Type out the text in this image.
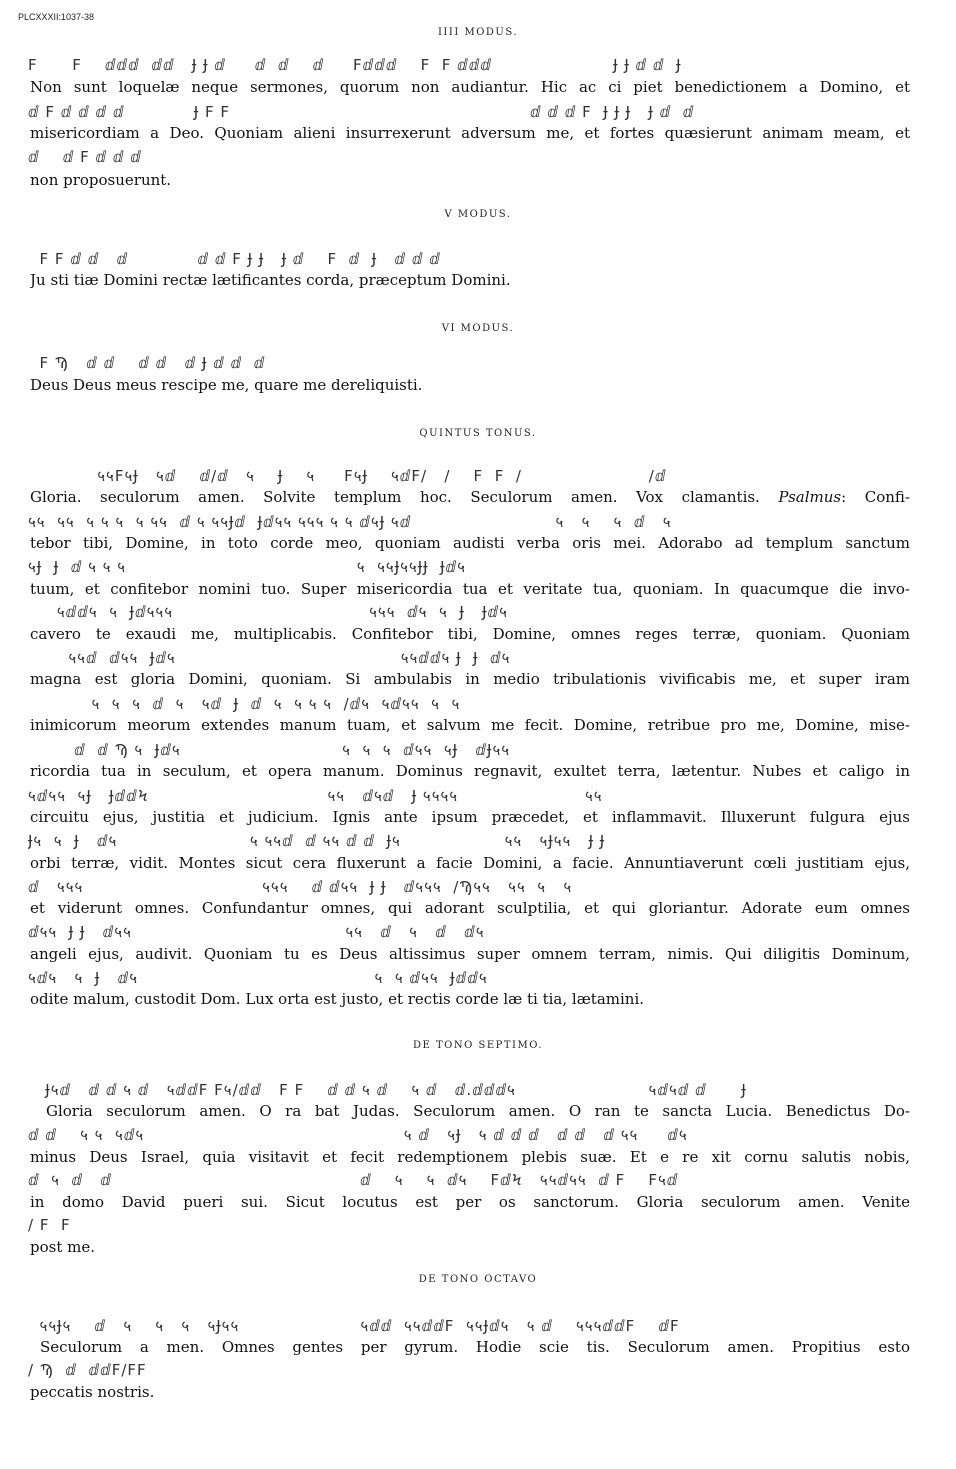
PLCXXXII:1037-38
IIII MODUS.
Ϝ      Ϝ    ⅆⅆⅆ  ⅆⅆ   Ɉ Ɉ ⅆ     ⅆ  ⅆ    ⅆ     Ϝⅆⅆⅆ    Ϝ  Ϝ ⅆⅆⅆ                     Ɉ Ɉ ⅆ ⅆ  Ɉ
Non sunt loquelæ neque sermones, quorum non audiantur. Hic ac ci piet benedictionem a Domino, et
ⅆ Ϝ ⅆ ⅆ ⅆ ⅆ            Ɉ Ϝ Ϝ                                                    ⅆ ⅆ ⅆ Ϝ  Ɉ Ɉ Ɉ   Ɉ ⅆ  ⅆ
misericordiam a Deo. Quoniam alieni insurrexerunt adversum me, et fortes quæsierunt animam meam, et
ⅆ    ⅆ Ϝ ⅆ ⅆ ⅆ
non proposuerunt.
V MODUS.
Ϝ Ϝ ⅆ ⅆ   ⅆ            ⅆ ⅆ Ϝ Ɉ Ɉ   Ɉ ⅆ    Ϝ  ⅆ  Ɉ   ⅆ ⅆ ⅆ
Ju sti tiæ Domini rectæ lætificantes corda, præceptum Domini.
VI MODUS.
Ϝ Ϡ   ⅆ ⅆ    ⅆ ⅆ   ⅆ Ɉ ⅆ ⅆ  ⅆ
Deus Deus meus rescipe me, quare me dereliquisti.
QUINTUS TONUS.
५५Ϝ५Ɉ   ५ⅆ    ⅆ/ⅆ   ५    Ɉ    ५     Ϝ५Ɉ    ५ⅆϜ/   /    Ϝ  Ϝ  /                      /ⅆ
Gloria. seculorum amen. Solvite templum hoc. Seculorum amen. Vox clamantis. Psalmus: Confi-
५५  ५५  ५ ५ ५  ५ ५५  ⅆ ५ ५५Ɉⅆ  Ɉⅆ५५ ५५५ ५ ५ ⅆ५Ɉ ५ⅆ                         ५   ५    ५  ⅆ   ५
tebor tibi, Domine, in toto corde meo, quoniam audisti verba oris mei. Adorabo ad templum sanctum
५Ɉ  Ɉ  ⅆ ५ ५ ५                                        ५  ५५Ɉ५५ɈɈ  Ɉⅆ५
tuum, et confitebor nomini tuo. Super misericordia tua et veritate tua, quoniam. In quacumque die invo-
५ⅆⅆ५  ५  Ɉⅆ५५५                                  ५५५  ⅆ५  ५  Ɉ   Ɉⅆ५
cavero te exaudi me, multiplicabis. Confitebor tibi, Domine, omnes reges terræ, quoniam. Quoniam
५५ⅆ  ⅆ५५  Ɉⅆ५                                       ५५ⅆⅆ५ Ɉ  Ɉ  ⅆ५
magna est gloria Domini, quoniam. Si ambulabis in medio tribulationis vivificabis me, et super iram
५  ५  ५  ⅆ  ५   ५ⅆ  Ɉ  ⅆ  ५  ५ ५ ५  /ⅆ५  ५ⅆ५५  ५  ५
inimicorum meorum extendes manum tuam, et salvum me fecit. Domine, retribue pro me, Domine, mise-
ⅆ  ⅆ Ϡ ५  Ɉⅆ५                            ५  ५  ५  ⅆ५५  ५Ɉ   ⅆɈ५५
ricordia tua in seculum, et opera manum. Dominus regnavit, exultet terra, lætentur. Nubes et caligo in
५ⅆ५५  ५Ɉ   ɈⅆⅆϞ                               ५५   ⅆ५ⅆ   Ɉ ५५५५                      ५५
circuitu ejus, justitia et judicium. Ignis ante ipsum præcedet, et inflammavit. Illuxerunt fulgura ejus
Ɉ५  ५  Ɉ   ⅆ५                       ५ ५५ⅆ  ⅆ ५५ ⅆ ⅆ  Ɉ५                  ५५   ५Ɉ५५   Ɉ Ɉ
orbi terræ, vidit. Montes sicut cera fluxerunt a facie Domini, a facie. Annuntiaverunt cœli justitiam ejus,
ⅆ   ५५५                               ५५५    ⅆ ⅆ५५  Ɉ Ɉ   ⅆ५५५  /Ϡ५५   ५५  ५   ५
et viderunt omnes. Confundantur omnes, qui adorant sculptilia, et qui gloriantur. Adorate eum omnes
ⅆ५५  Ɉ Ɉ   ⅆ५५                                     ५५   ⅆ   ५   ⅆ   ⅆ५
angeli ejus, audivit. Quoniam tu es Deus altissimus super omnem terram, nimis. Qui diligitis Dominum,
५ⅆ५   ५  Ɉ   ⅆ५                                         ५  ५ ⅆ५५  Ɉⅆⅆ५
odite malum, custodit Dom. Lux orta est justo, et rectis corde læ ti tia, lætamini.
DE TONO SEPTIMO.
Ɉ५ⅆ   ⅆ ⅆ ५ ⅆ   ५ⅆⅆϜ Ϝ५/ⅆⅆ   Ϝ Ϝ    ⅆ ⅆ ५ ⅆ    ५ ⅆ   ⅆ.ⅆⅆⅆ५                       ५ⅆ५ⅆ ⅆ      Ɉ
Gloria seculorum amen. O ra bat Judas. Seculorum amen. O ran te sancta Lucia. Benedictus Do-
ⅆ ⅆ    ५ ५  ५ⅆ५                                             ५ ⅆ   ५Ɉ   ५ ⅆ ⅆ ⅆ   ⅆ ⅆ   ⅆ ५५     ⅆ५
minus Deus Israel, quia visitavit et fecit redemptionem plebis suæ. Et e re xit cornu salutis nobis,
ⅆ  ५  ⅆ   ⅆ                                           ⅆ    ५    ५  ⅆ५    ϜⅆϞ   ५५ⅆ५५  ⅆ Ϝ    Ϝ५ⅆ
in domo David pueri sui. Sicut locutus est per os sanctorum. Gloria seculorum amen. Venite
/ Ϝ  Ϝ
post me.
DE TONO OCTAVO
५५Ɉ५    ⅆ   ५    ५   ५   ५Ɉ५५                     ५ⅆⅆ  ५५ⅆⅆϜ  ५५Ɉⅆ५   ५ ⅆ    ५५५ⅆⅆϜ    ⅆϜ
Seculorum a men. Omnes gentes per gyrum. Hodie scie tis. Seculorum amen. Propitius esto
/ Ϡ  ⅆ  ⅆⅆϜ/ϜϜ
peccatis nostris.
